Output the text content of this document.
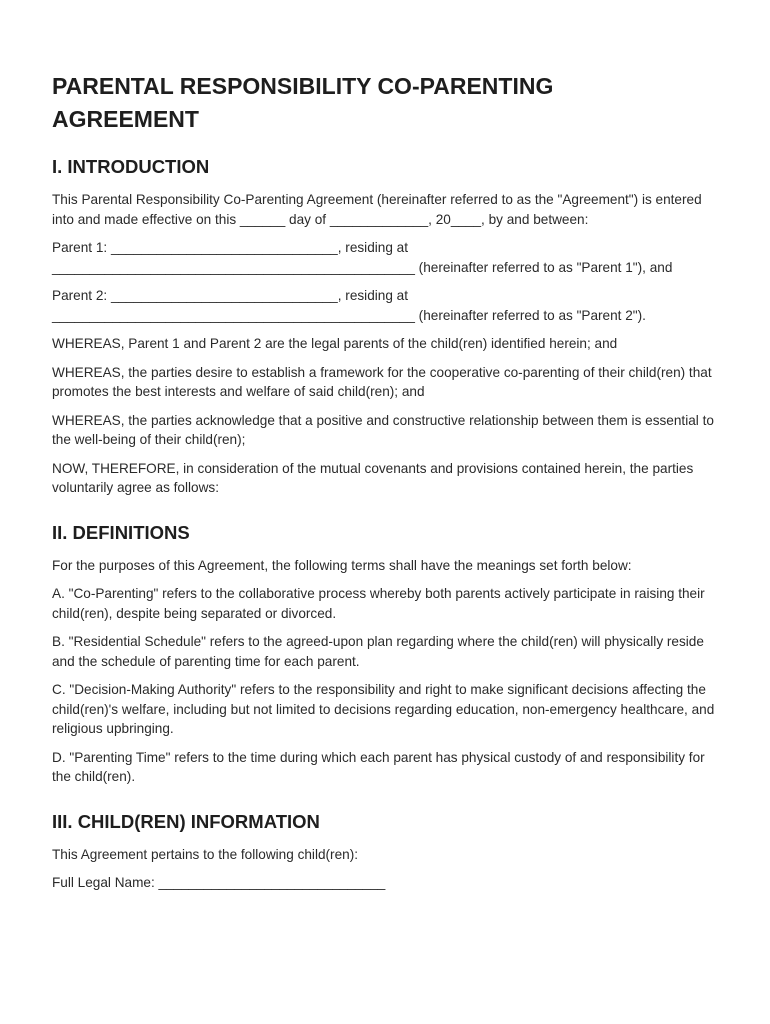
PARENTAL RESPONSIBILITY CO-PARENTING
AGREEMENT
I. INTRODUCTION

This Parental Responsibility Co-Parenting Agreement (hereinafter referred to as the "Agreement") is entered into and made effective on this ______ day of _____________, 20____, by and between:

Parent 1: ______________________________, residing at
________________________________________________ (hereinafter referred to as "Parent 1"), and

Parent 2: ______________________________, residing at
________________________________________________ (hereinafter referred to as "Parent 2").

WHEREAS, Parent 1 and Parent 2 are the legal parents of the child(ren) identified herein; and

WHEREAS, the parties desire to establish a framework for the cooperative co-parenting of their child(ren) that promotes the best interests and welfare of said child(ren); and

WHEREAS, the parties acknowledge that a positive and constructive relationship between them is essential to the well-being of their child(ren);

NOW, THEREFORE, in consideration of the mutual covenants and provisions contained herein, the parties voluntarily agree as follows:

II. DEFINITIONS

For the purposes of this Agreement, the following terms shall have the meanings set forth below:

A. "Co-Parenting" refers to the collaborative process whereby both parents actively participate in raising their child(ren), despite being separated or divorced.

B. "Residential Schedule" refers to the agreed-upon plan regarding where the child(ren) will physically reside and the schedule of parenting time for each parent.

C. "Decision-Making Authority" refers to the responsibility and right to make significant decisions affecting the child(ren)'s welfare, including but not limited to decisions regarding education, non-emergency healthcare, and religious upbringing.

D. "Parenting Time" refers to the time during which each parent has physical custody of and responsibility for the child(ren).

III. CHILD(REN) INFORMATION

This Agreement pertains to the following child(ren):

Full Legal Name: ______________________________
